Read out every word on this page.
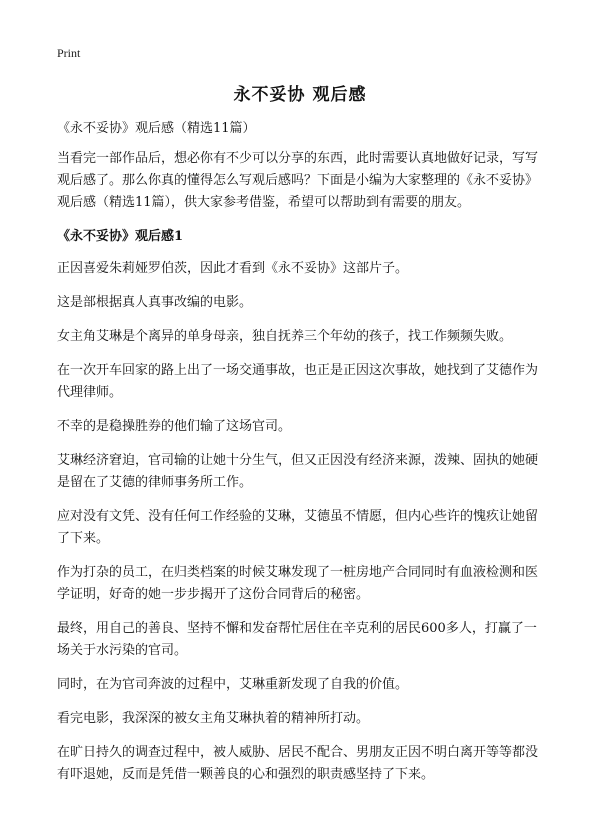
Print
永不妥协 观后感

《永不妥协》观后感（精选11篇）

当看完一部作品后，想必你有不少可以分享的东西，此时需要认真地做好记录，写写观后感了。那么你真的懂得怎么写观后感吗？下面是小编为大家整理的《永不妥协》观后感（精选11篇），供大家参考借鉴，希望可以帮助到有需要的朋友。

《永不妥协》观后感1

正因喜爱朱莉娅罗伯茨，因此才看到《永不妥协》这部片子。

这是部根据真人真事改编的电影。

女主角艾琳是个离异的单身母亲，独自抚养三个年幼的孩子，找工作频频失败。

在一次开车回家的路上出了一场交通事故，也正是正因这次事故，她找到了艾德作为代理律师。

不幸的是稳操胜券的他们输了这场官司。

艾琳经济窘迫，官司输的让她十分生气，但又正因没有经济来源，泼辣、固执的她硬是留在了艾德的律师事务所工作。

应对没有文凭、没有任何工作经验的艾琳，艾德虽不情愿，但内心些许的愧疚让她留了下来。

作为打杂的员工，在归类档案的时候艾琳发现了一桩房地产合同同时有血液检测和医学证明，好奇的她一步步揭开了这份合同背后的秘密。

最终，用自己的善良、坚持不懈和发奋帮忙居住在辛克利的居民600多人，打赢了一场关于水污染的官司。

同时，在为官司奔波的过程中，艾琳重新发现了自我的价值。

看完电影，我深深的被女主角艾琳执着的精神所打动。

在旷日持久的调查过程中，被人威胁、居民不配合、男朋友正因不明白离开等等都没有吓退她，反而是凭借一颗善良的心和强烈的职责感坚持了下来。
